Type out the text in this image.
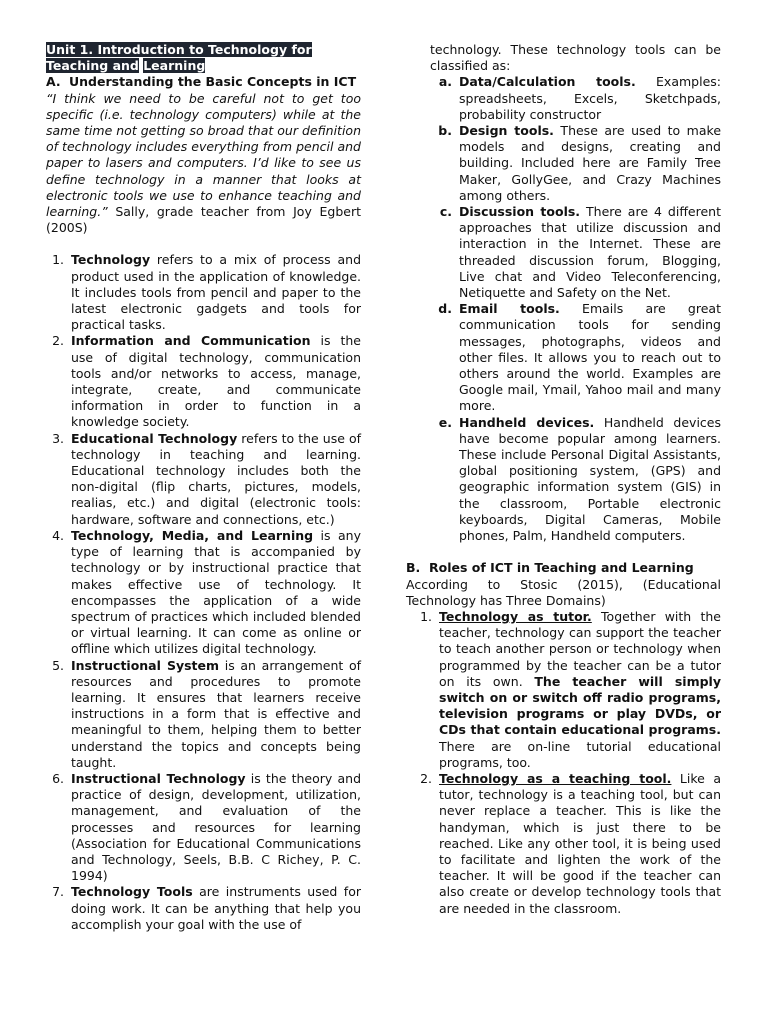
Unit 1. Introduction to Technology for
Teaching and Learning

A. Understanding the Basic Concepts in ICT

“I think we need to be careful not to get too specific (i.e. technology computers) while at the same time not getting so broad that our definition of technology includes everything from pencil and paper to lasers and computers. I’d like to see us define technology in a manner that looks at electronic tools we use to enhance teaching and learning.” Sally, grade teacher from Joy Egbert (200S)

1. Technology refers to a mix of process and product used in the application of knowledge. It includes tools from pencil and paper to the latest electronic gadgets and tools for practical tasks.
2. Information and Communication is the use of digital technology, communication tools and/or networks to access, manage, integrate, create, and communicate information in order to function in a knowledge society.
3. Educational Technology refers to the use of technology in teaching and learning. Educational technology includes both the non-digital (flip charts, pictures, models, realias, etc.) and digital (electronic tools: hardware, software and connections, etc.)
4. Technology, Media, and Learning is any type of learning that is accompanied by technology or by instructional practice that makes effective use of technology. It encompasses the application of a wide spectrum of practices which included blended or virtual learning. It can come as online or offline which utilizes digital technology.
5. Instructional System is an arrangement of resources and procedures to promote learning. It ensures that learners receive instructions in a form that is effective and meaningful to them, helping them to better understand the topics and concepts being taught.
6. Instructional Technology is the theory and practice of design, development, utilization, management, and evaluation of the processes and resources for learning (Association for Educational Communications and Technology, Seels, B.B. C Richey, P. C. 1994)
7. Technology Tools are instruments used for doing work. It can be anything that help you accomplish your goal with the use of

technology. These technology tools can be classified as:

a. Data/Calculation tools. Examples: spreadsheets, Excels, Sketchpads, probability constructor
b. Design tools. These are used to make models and designs, creating and building. Included here are Family Tree Maker, GollyGee, and Crazy Machines among others.
c. Discussion tools. There are 4 different approaches that utilize discussion and interaction in the Internet. These are threaded discussion forum, Blogging, Live chat and Video Teleconferencing, Netiquette and Safety on the Net.
d. Email tools. Emails are great communication tools for sending messages, photographs, videos and other files. It allows you to reach out to others around the world. Examples are Google mail, Ymail, Yahoo mail and many more.
e. Handheld devices. Handheld devices have become popular among learners. These include Personal Digital Assistants, global positioning system, (GPS) and geographic information system (GIS) in the classroom, Portable electronic keyboards, Digital Cameras, Mobile phones, Palm, Handheld computers.
B. Roles of ICT in Teaching and Learning

According to Stosic (2015), (Educational Technology has Three Domains)

1. Technology as tutor. Together with the teacher, technology can support the teacher to teach another person or technology when programmed by the teacher can be a tutor on its own. The teacher will simply switch on or switch off radio programs, television programs or play DVDs, or CDs that contain educational programs. There are on-line tutorial educational programs, too.
2. Technology as a teaching tool. Like a tutor, technology is a teaching tool, but can never replace a teacher. This is like the handyman, which is just there to be reached. Like any other tool, it is being used to facilitate and lighten the work of the teacher. It will be good if the teacher can also create or develop technology tools that are needed in the classroom.
